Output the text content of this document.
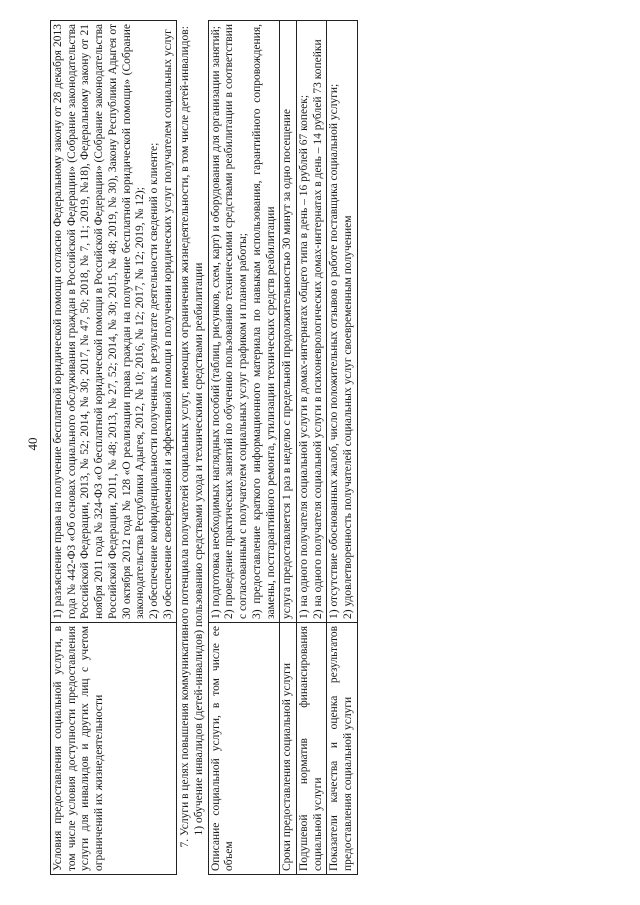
40
Условия предоставления социальной услуги, в том числе условия доступности предоставления услуги для инвалидов и других лиц с учетом ограничений их жизнедеятельности	1) разъяснение права на получение бесплатной юридической помощи согласно Федеральному закону от 28 декабря 2013 года № 442-ФЗ «Об основах социального обслуживания граждан в Российской Федерации» (Собрание законодательства Российской Федерации, 2013, № 52; 2014, № 30; 2017, № 47, 50; 2018, № 7, 11; 2019, №18), Федеральному закону от 21 ноября 2011 года № 324-ФЗ «О бесплатной юридической помощи в Российской Федерации» (Собрание законодательства Российской Федерации, 2011, № 48; 2013, № 27, 52; 2014, № 30; 2015, № 48; 2019, № 30), Закону Республики Адыгея от 30 октября 2012 года № 128 «О реализации права граждан на получение бесплатной юридической помощи» (Собрание законодательства Республики Адыгея, 2012, № 10; 2016, № 12; 2017, № 12; 2019, № 12); 2) обеспечение конфиденциальности полученных в результате деятельности сведений о клиенте; 3) обеспечение своевременной и эффективной помощи в получении юридических услуг получателем социальных услуг

7. Услуги в целях повышения коммуникативного потенциала получателей социальных услуг, имеющих ограничения жизнедеятельности, в том числе детей-инвалидов: 1) обучение инвалидов (детей-инвалидов) пользованию средствами ухода и техническими средствами реабилитации	

Описание социальной услуги, в том числе ее объем	1) подготовка необходимых наглядных пособий (таблиц, рисунков, схем, карт) и оборудования для организации занятий; 2) проведение практических занятий по обучению пользованию техническими средствами реабилитации в соответствии с согласованным с получателем социальных услуг графиком и планом работы; 3) предоставление краткого информационного материала по навыкам использования, гарантийного сопровождения, замены, постгарантийного ремонта, утилизации технических средств реабилитации

Сроки предоставления социальной услуги	услуга предоставляется 1 раз в неделю с предельной продолжительностью 30 минут за одно посещение

Подушевой норматив финансирования социальной услуги	1) на одного получателя социальной услуги в домах-интернатах общего типа в день – 16 рублей 67 копеек; 2) на одного получателя социальной услуги в психоневрологических домах-интернатах в день – 14 рублей 73 копейки

Показатели качества и оценка результатов предоставления социальной услуги	1) отсутствие обоснованных жалоб, число положительных отзывов о работе поставщика социальной услуги; 2) удовлетворенность получателей социальных услуг своевременным получением
